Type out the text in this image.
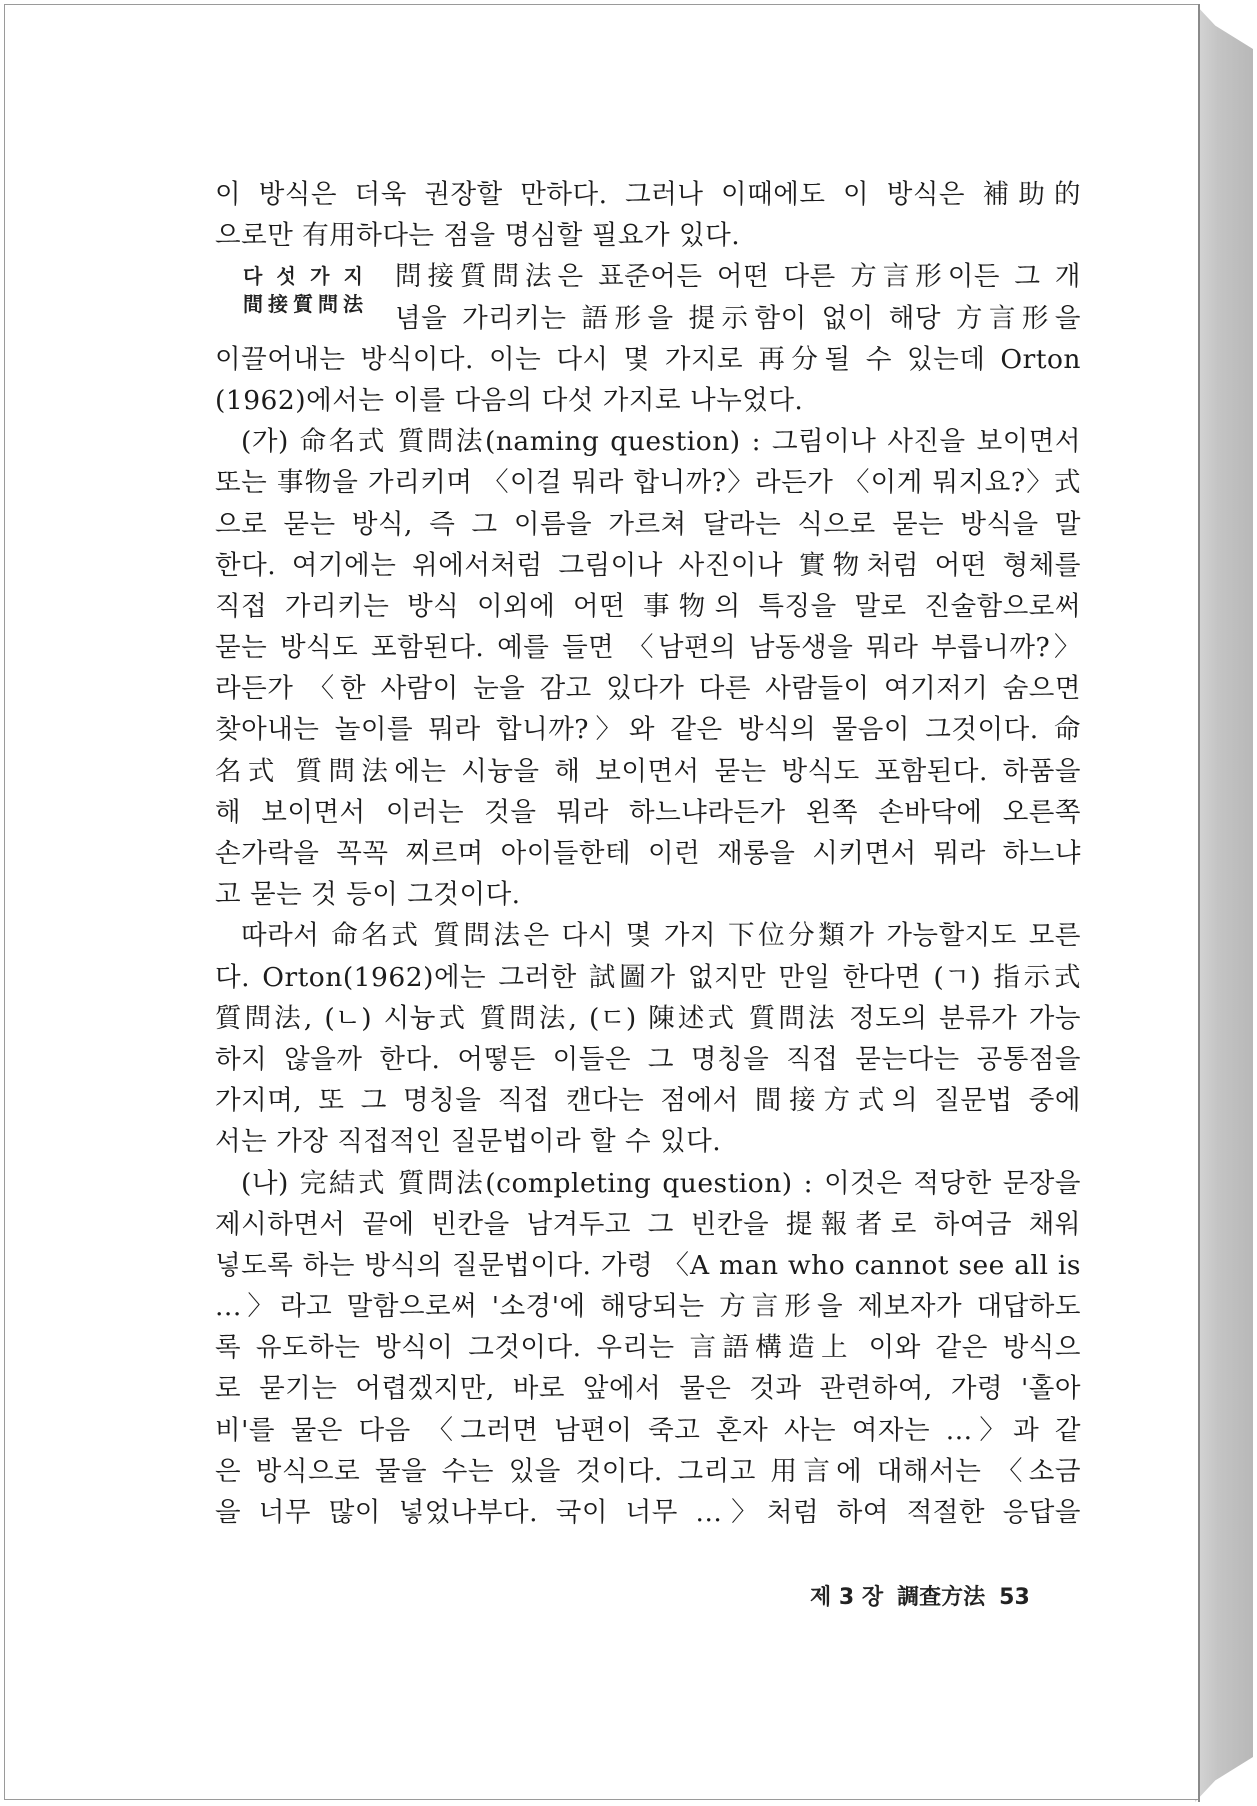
이 방식은 더욱 권장할 만하다. 그러나 이때에도 이 방식은 補助的
으로만 有用하다는 점을 명심할 필요가 있다.
다 섯 가 지
間接質問法
問接質問法은 표준어든 어떤 다른 方言形이든 그 개
념을 가리키는 語形을 提示함이 없이 해당 方言形을
이끌어내는 방식이다. 이는 다시 몇 가지로 再分될 수 있는데 Orton
(1962)에서는 이를 다음의 다섯 가지로 나누었다.
(가) 命名式 質問法(naming question) : 그림이나 사진을 보이면서
또는 事物을 가리키며 〈이걸 뭐라 합니까?〉라든가 〈이게 뭐지요?〉式
으로 묻는 방식, 즉 그 이름을 가르쳐 달라는 식으로 묻는 방식을 말
한다. 여기에는 위에서처럼 그림이나 사진이나 實物처럼 어떤 형체를
직접 가리키는 방식 이외에 어떤 事物의 특징을 말로 진술함으로써
묻는 방식도 포함된다. 예를 들면 〈남편의 남동생을 뭐라 부릅니까?〉
라든가 〈한 사람이 눈을 감고 있다가 다른 사람들이 여기저기 숨으면
찾아내는 놀이를 뭐라 합니까?〉와 같은 방식의 물음이 그것이다. 命
名式 質問法에는 시늉을 해 보이면서 묻는 방식도 포함된다. 하품을
해 보이면서 이러는 것을 뭐라 하느냐라든가 왼쪽 손바닥에 오른쪽
손가락을 꼭꼭 찌르며 아이들한테 이런 재롱을 시키면서 뭐라 하느냐
고 묻는 것 등이 그것이다.
따라서 命名式 質問法은 다시 몇 가지 下位分類가 가능할지도 모른
다. Orton(1962)에는 그러한 試圖가 없지만 만일 한다면 (ㄱ) 指示式
質問法, (ㄴ) 시늉式 質問法, (ㄷ) 陳述式 質問法 정도의 분류가 가능
하지 않을까 한다. 어떻든 이들은 그 명칭을 직접 묻는다는 공통점을
가지며, 또 그 명칭을 직접 캔다는 점에서 間接方式의 질문법 중에
서는 가장 직접적인 질문법이라 할 수 있다.
(나) 完結式 質問法(completing question) : 이것은 적당한 문장을
제시하면서 끝에 빈칸을 남겨두고 그 빈칸을 提報者로 하여금 채워
넣도록 하는 방식의 질문법이다. 가령 〈A man who cannot see all is
...〉라고 말함으로써 '소경'에 해당되는 方言形을 제보자가 대답하도
록 유도하는 방식이 그것이다. 우리는 言語構造上 이와 같은 방식으
로 묻기는 어렵겠지만, 바로 앞에서 물은 것과 관련하여, 가령 '홀아
비'를 물은 다음 〈그러면 남편이 죽고 혼자 사는 여자는 ...〉과 같
은 방식으로 물을 수는 있을 것이다. 그리고 用言에 대해서는 〈소금
을 너무 많이 넣었나부다. 국이 너무 ...〉처럼 하여 적절한 응답을
제 3 장 調査方法 53
